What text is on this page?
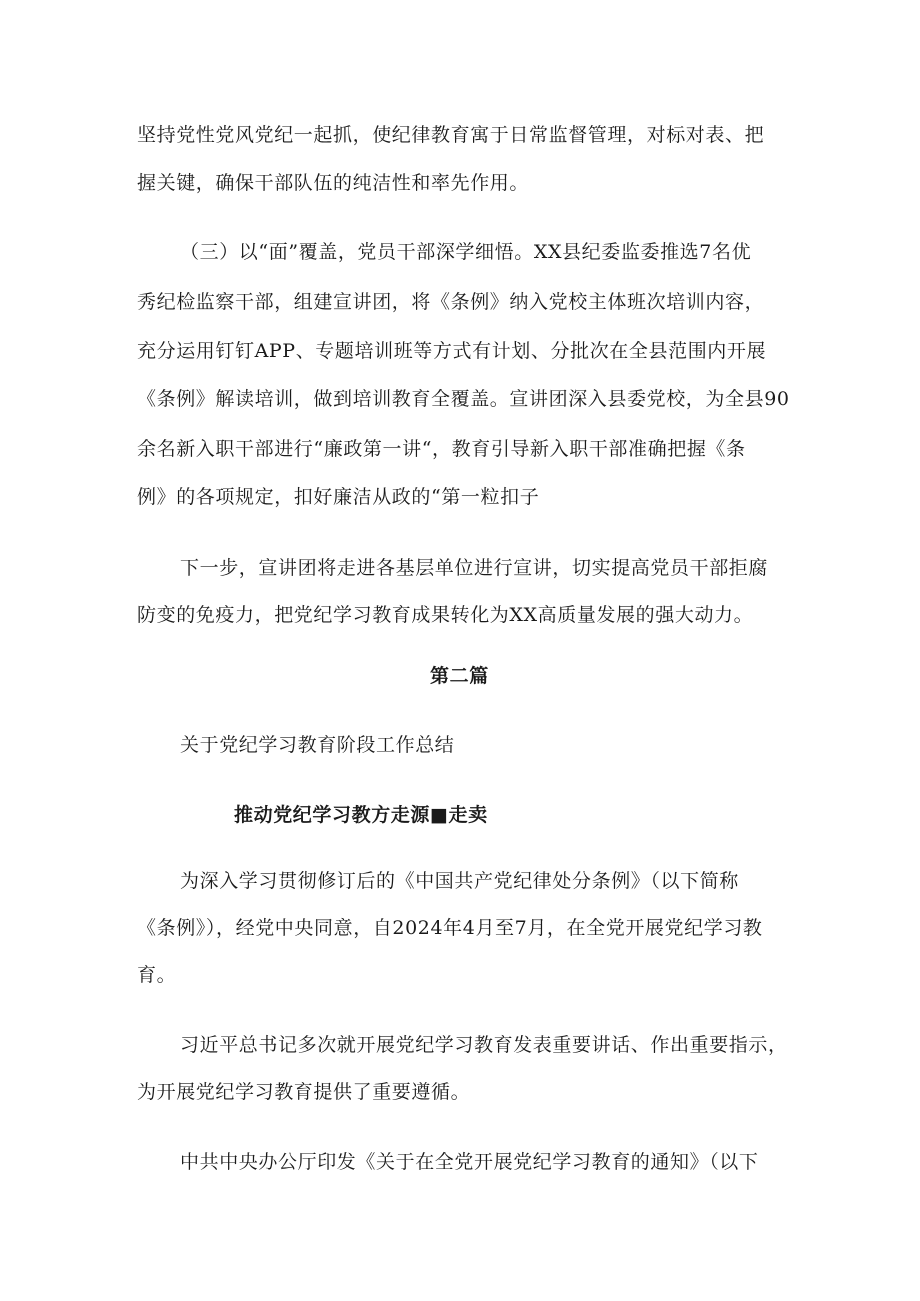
坚持党性党风党纪一起抓，使纪律教育寓于日常监督管理，对标对表、把
握关键，确保干部队伍的纯洁性和率先作用。
（三）以“面”覆盖，党员干部深学细悟。XX县纪委监委推选7名优
秀纪检监察干部，组建宣讲团，将《条例》纳入党校主体班次培训内容，
充分运用钉钉APP、专题培训班等方式有计划、分批次在全县范围内开展
《条例》解读培训，做到培训教育全覆盖。宣讲团深入县委党校，为全县90
余名新入职干部进行“廉政第一讲“，教育引导新入职干部准确把握《条
例》的各项规定，扣好廉洁从政的“第一粒扣子
下一步，宣讲团将走进各基层单位进行宣讲，切实提高党员干部拒腐
防变的免疫力，把党纪学习教育成果转化为XX高质量发展的强大动力。
第二篇
关于党纪学习教育阶段工作总结
推动党纪学习教方走源■走卖
为深入学习贯彻修订后的《中国共产党纪律处分条例》（以下简称
《条例》），经党中央同意，自2024年4月至7月，在全党开展党纪学习教
育。
习近平总书记多次就开展党纪学习教育发表重要讲话、作出重要指示，
为开展党纪学习教育提供了重要遵循。
中共中央办公厅印发《关于在全党开展党纪学习教育的通知》（以下
